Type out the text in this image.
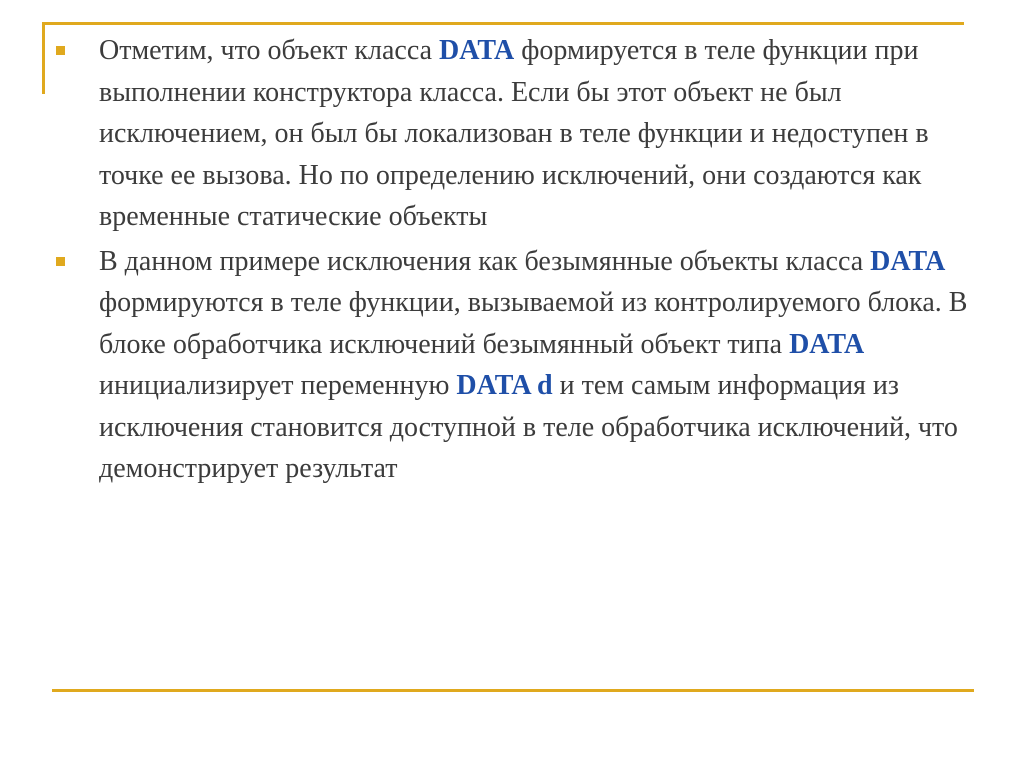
Отметим, что объект класса DATA формируется в теле функции при выполнении конструктора класса. Если бы этот объект не был исключением, он был бы локализован в теле функции и недоступен в точке ее вызова. Но по определению исключений, они создаются как временные статические объекты
В данном примере исключения как безымянные объекты класса DATA формируются в теле функции, вызываемой из контролируемого блока. В блоке обработчика исключений безымянный объект типа DATA инициализирует переменную DATA d и тем самым информация из исключения становится доступной в теле обработчика исключений, что демонстрирует результат
